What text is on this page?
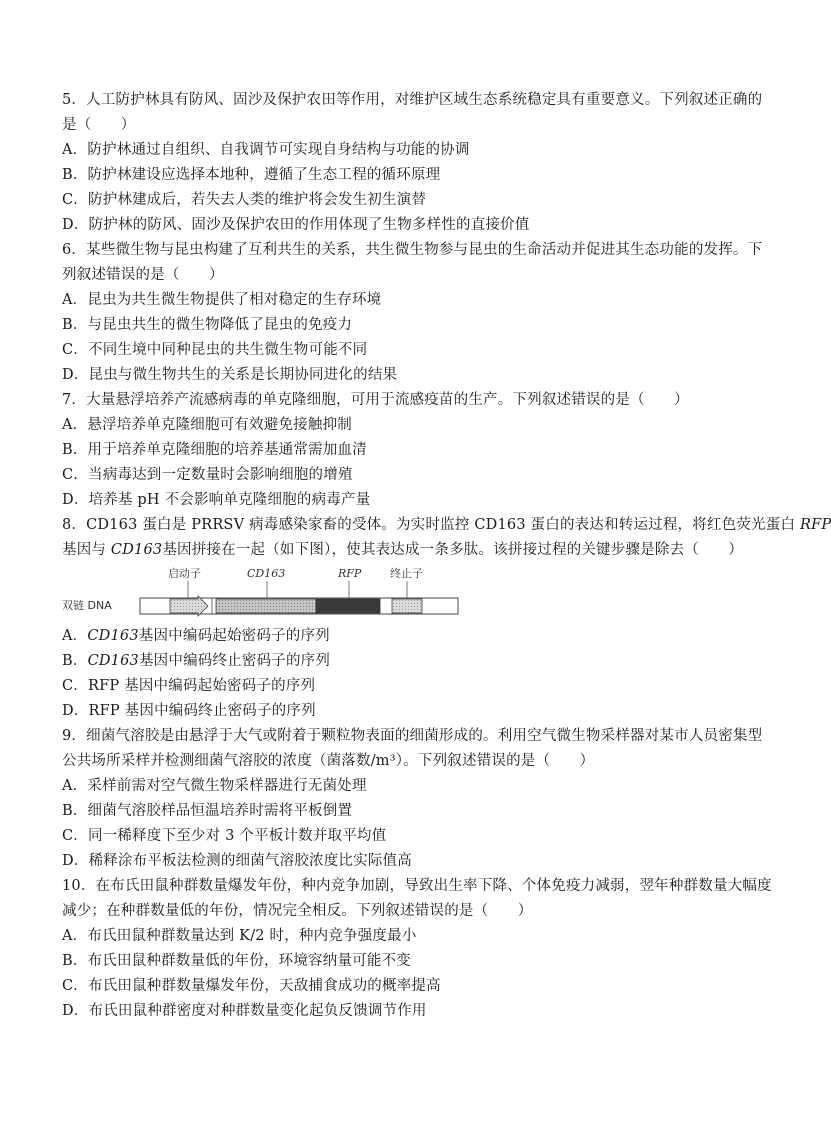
5．人工防护林具有防风、固沙及保护农田等作用，对维护区域生态系统稳定具有重要意义。下列叙述正确的
是（　　）
A．防护林通过自组织、自我调节可实现自身结构与功能的协调
B．防护林建设应选择本地种，遵循了生态工程的循环原理
C．防护林建成后，若失去人类的维护将会发生初生演替
D．防护林的防风、固沙及保护农田的作用体现了生物多样性的直接价值
6．某些微生物与昆虫构建了互利共生的关系，共生微生物参与昆虫的生命活动并促进其生态功能的发挥。下
列叙述错误的是（　　）
A．昆虫为共生微生物提供了相对稳定的生存环境
B．与昆虫共生的微生物降低了昆虫的免疫力
C．不同生境中同种昆虫的共生微生物可能不同
D．昆虫与微生物共生的关系是长期协同进化的结果
7．大量悬浮培养产流感病毒的单克隆细胞，可用于流感疫苗的生产。下列叙述错误的是（　　）
A．悬浮培养单克隆细胞可有效避免接触抑制
B．用于培养单克隆细胞的培养基通常需加血清
C．当病毒达到一定数量时会影响细胞的增殖
D．培养基 pH 不会影响单克隆细胞的病毒产量
8．CD163 蛋白是 PRRSV 病毒感染家畜的受体。为实时监控 CD163 蛋白的表达和转运过程，将红色荧光蛋白 RFP
基因与 CD163基因拼接在一起（如下图），使其表达成一条多肽。该拼接过程的关键步骤是除去（　　）
启动子	CD163	RFP	终止子
双链 DNA
A．CD163基因中编码起始密码子的序列
B．CD163基因中编码终止密码子的序列
C．RFP 基因中编码起始密码子的序列
D．RFP 基因中编码终止密码子的序列
9．细菌气溶胶是由悬浮于大气或附着于颗粒物表面的细菌形成的。利用空气微生物采样器对某市人员密集型
公共场所采样并检测细菌气溶胶的浓度（菌落数/m³）。下列叙述错误的是（　　）
A．采样前需对空气微生物采样器进行无菌处理
B．细菌气溶胶样品恒温培养时需将平板倒置
C．同一稀释度下至少对 3 个平板计数并取平均值
D．稀释涂布平板法检测的细菌气溶胶浓度比实际值高
10．在布氏田鼠种群数量爆发年份，种内竞争加剧，导致出生率下降、个体免疫力减弱，翌年种群数量大幅度
减少；在种群数量低的年份，情况完全相反。下列叙述错误的是（　　）
A．布氏田鼠种群数量达到 K/2 时，种内竞争强度最小
B．布氏田鼠种群数量低的年份，环境容纳量可能不变
C．布氏田鼠种群数量爆发年份，天敌捕食成功的概率提高
D．布氏田鼠种群密度对种群数量变化起负反馈调节作用
